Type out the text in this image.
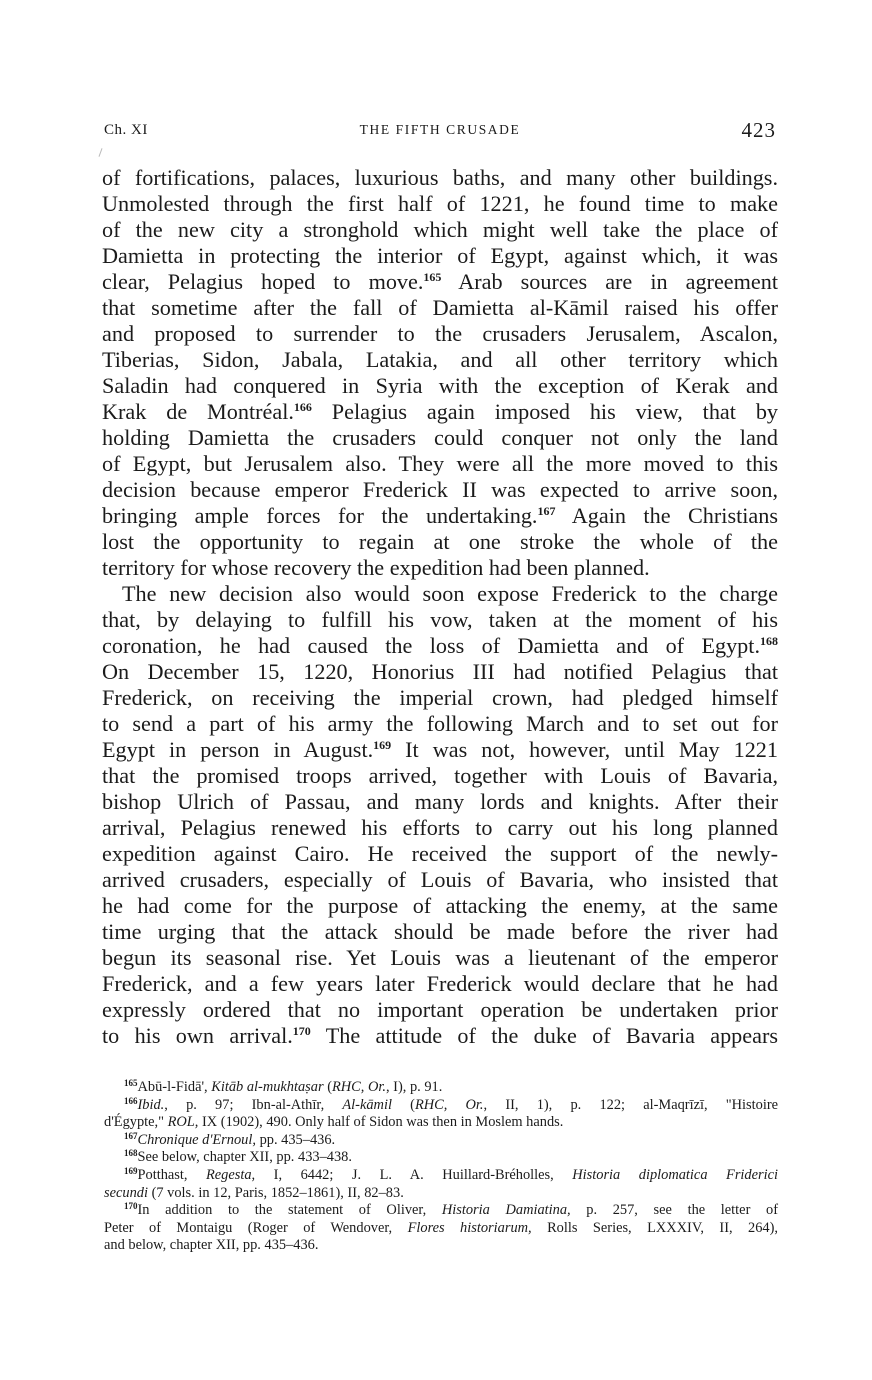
Ch. XI	THE FIFTH CRUSADE	423
of fortifications, palaces, luxurious baths, and many other buildings.
Unmolested through the first half of 1221, he found time to make
of the new city a stronghold which might well take the place of
Damietta in protecting the interior of Egypt, against which, it was
clear, Pelagius hoped to move.$^{165}$ Arab sources are in agreement
that sometime after the fall of Damietta al-Kāmil raised his offer
and proposed to surrender to the crusaders Jerusalem, Ascalon,
Tiberias, Sidon, Jabala, Latakia, and all other territory which
Saladin had conquered in Syria with the exception of Kerak and
Krak de Montréal.$^{166}$ Pelagius again imposed his view, that by
holding Damietta the crusaders could conquer not only the land
of Egypt, but Jerusalem also. They were all the more moved to this
decision because emperor Frederick II was expected to arrive soon,
bringing ample forces for the undertaking.$^{167}$ Again the Christians
lost the opportunity to regain at one stroke the whole of the
territory for whose recovery the expedition had been planned.
The new decision also would soon expose Frederick to the charge
that, by delaying to fulfill his vow, taken at the moment of his
coronation, he had caused the loss of Damietta and of Egypt.$^{168}$
On December 15, 1220, Honorius III had notified Pelagius that
Frederick, on receiving the imperial crown, had pledged himself
to send a part of his army the following March and to set out for
Egypt in person in August.$^{169}$ It was not, however, until May 1221
that the promised troops arrived, together with Louis of Bavaria,
bishop Ulrich of Passau, and many lords and knights. After their
arrival, Pelagius renewed his efforts to carry out his long planned
expedition against Cairo. He received the support of the newly-
arrived crusaders, especially of Louis of Bavaria, who insisted that
he had come for the purpose of attacking the enemy, at the same
time urging that the attack should be made before the river had
begun its seasonal rise. Yet Louis was a lieutenant of the emperor
Frederick, and a few years later Frederick would declare that he had
expressly ordered that no important operation be undertaken prior
to his own arrival.$^{170}$ The attitude of the duke of Bavaria appears
$^{165}$Abū-l-Fidā', Kitāb al-mukhtaṣar (RHC, Or., I), p. 91.
$^{166}$Ibid., p. 97; Ibn-al-Athīr, Al-kāmil (RHC, Or., II, 1), p. 122; al-Maqrīzī, "Histoire
d'Égypte," ROL, IX (1902), 490. Only half of Sidon was then in Moslem hands.
$^{167}$Chronique d'Ernoul, pp. 435–436.
$^{168}$See below, chapter XII, pp. 433–438.
$^{169}$Potthast, Regesta, I, 6442; J. L. A. Huillard-Bréholles, Historia diplomatica Friderici
secundi (7 vols. in 12, Paris, 1852–1861), II, 82–83.
$^{170}$In addition to the statement of Oliver, Historia Damiatina, p. 257, see the letter of
Peter of Montaigu (Roger of Wendover, Flores historiarum, Rolls Series, LXXXIV, II, 264),
and below, chapter XII, pp. 435–436.
